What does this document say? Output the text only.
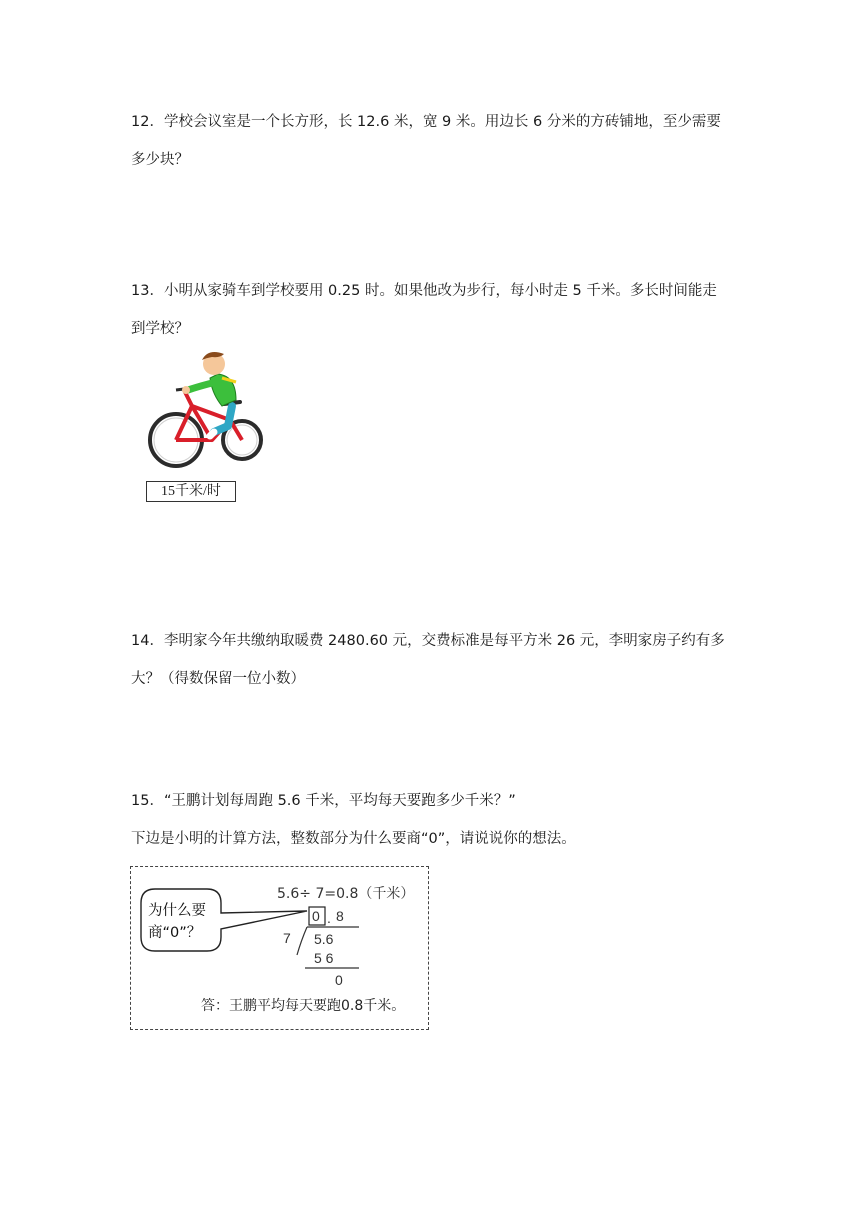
12．学校会议室是一个长方形，长 12.6 米，宽 9 米。用边长 6 分米的方砖铺地，至少需要

多少块？

13．小明从家骑车到学校要用 0.25 时。如果他改为步行，每小时走 5 千米。多长时间能走

到学校？

15千米/时

14．李明家今年共缴纳取暖费 2480.60 元，交费标准是每平方米 26 元，李明家房子约有多

大？（得数保留一位小数）

15．“王鹏计划每周跑 5.6 千米，平均每天要跑多少千米？”

下边是小明的计算方法，整数部分为什么要商“0”，请说说你的想法。

5.6÷ 7=0.8（千米）
为什么要
商“0”？
0 . 8
7 5.6
5 6
0
答：王鹏平均每天要跑0.8千米。
